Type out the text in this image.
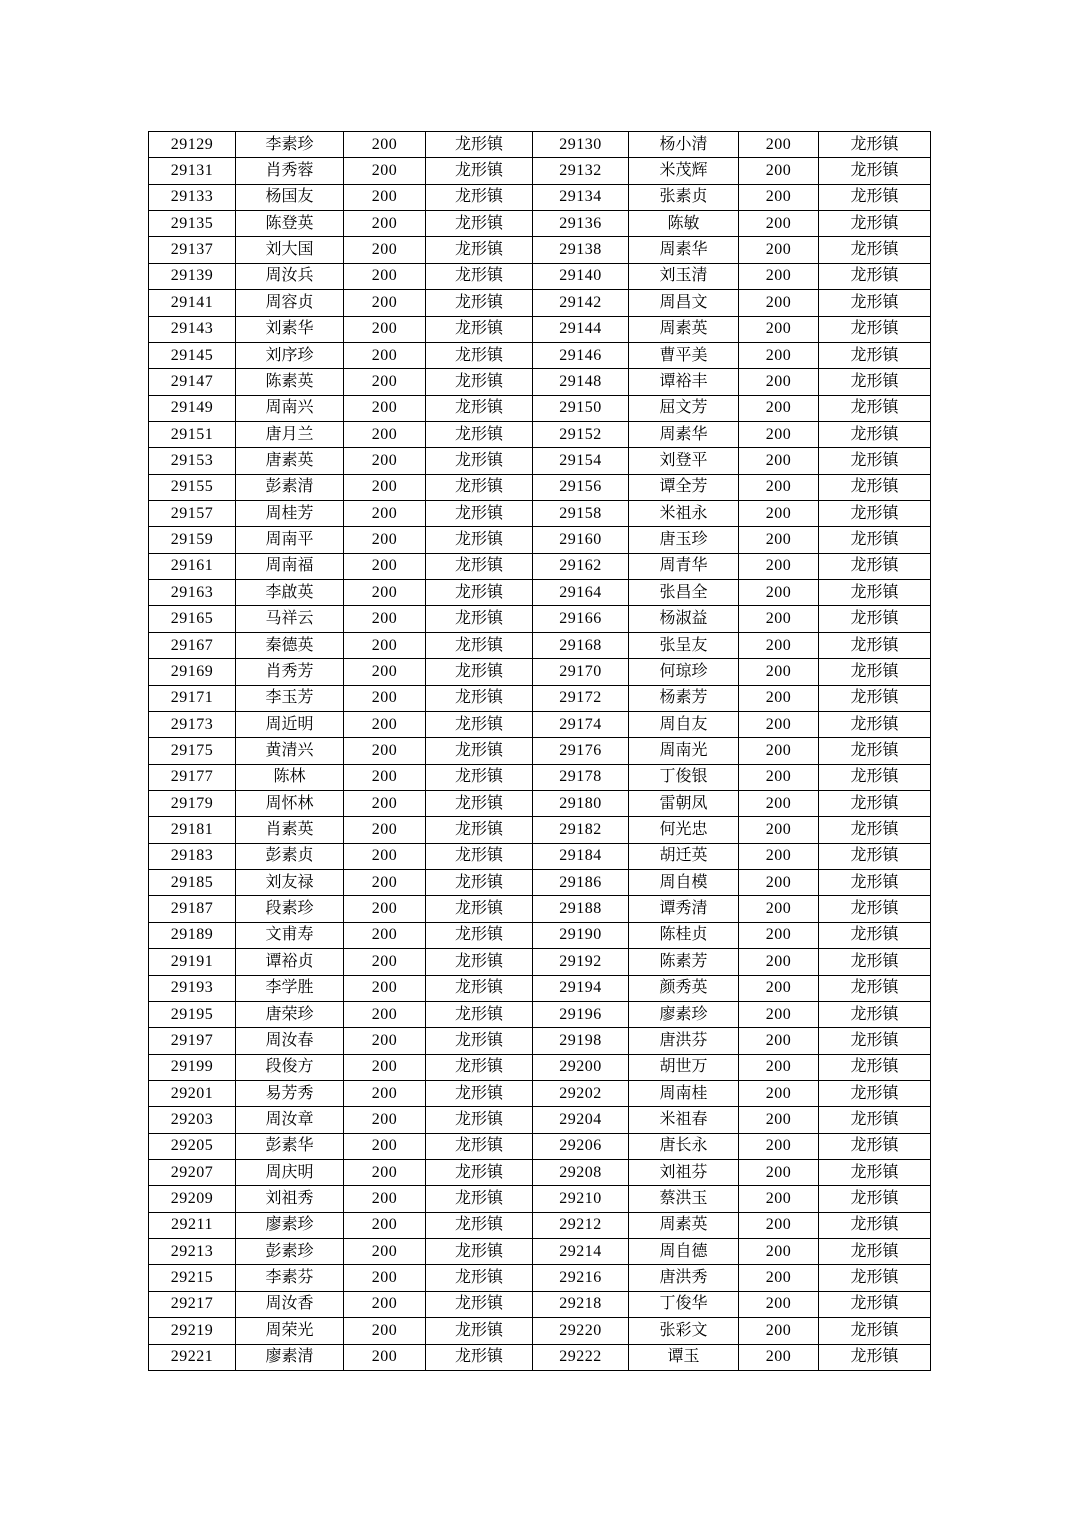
29129	李素珍	200	龙形镇	29130	杨小清	200	龙形镇
29131	肖秀蓉	200	龙形镇	29132	米茂辉	200	龙形镇
29133	杨国友	200	龙形镇	29134	张素贞	200	龙形镇
29135	陈登英	200	龙形镇	29136	陈敏	200	龙形镇
29137	刘大国	200	龙形镇	29138	周素华	200	龙形镇
29139	周汝兵	200	龙形镇	29140	刘玉清	200	龙形镇
29141	周容贞	200	龙形镇	29142	周昌文	200	龙形镇
29143	刘素华	200	龙形镇	29144	周素英	200	龙形镇
29145	刘序珍	200	龙形镇	29146	曹平美	200	龙形镇
29147	陈素英	200	龙形镇	29148	谭裕丰	200	龙形镇
29149	周南兴	200	龙形镇	29150	屈文芳	200	龙形镇
29151	唐月兰	200	龙形镇	29152	周素华	200	龙形镇
29153	唐素英	200	龙形镇	29154	刘登平	200	龙形镇
29155	彭素清	200	龙形镇	29156	谭全芳	200	龙形镇
29157	周桂芳	200	龙形镇	29158	米祖永	200	龙形镇
29159	周南平	200	龙形镇	29160	唐玉珍	200	龙形镇
29161	周南福	200	龙形镇	29162	周青华	200	龙形镇
29163	李啟英	200	龙形镇	29164	张昌全	200	龙形镇
29165	马祥云	200	龙形镇	29166	杨淑益	200	龙形镇
29167	秦德英	200	龙形镇	29168	张呈友	200	龙形镇
29169	肖秀芳	200	龙形镇	29170	何琼珍	200	龙形镇
29171	李玉芳	200	龙形镇	29172	杨素芳	200	龙形镇
29173	周近明	200	龙形镇	29174	周自友	200	龙形镇
29175	黄清兴	200	龙形镇	29176	周南光	200	龙形镇
29177	陈林	200	龙形镇	29178	丁俊银	200	龙形镇
29179	周怀林	200	龙形镇	29180	雷朝凤	200	龙形镇
29181	肖素英	200	龙形镇	29182	何光忠	200	龙形镇
29183	彭素贞	200	龙形镇	29184	胡迁英	200	龙形镇
29185	刘友禄	200	龙形镇	29186	周自模	200	龙形镇
29187	段素珍	200	龙形镇	29188	谭秀清	200	龙形镇
29189	文甫寿	200	龙形镇	29190	陈桂贞	200	龙形镇
29191	谭裕贞	200	龙形镇	29192	陈素芳	200	龙形镇
29193	李学胜	200	龙形镇	29194	颜秀英	200	龙形镇
29195	唐荣珍	200	龙形镇	29196	廖素珍	200	龙形镇
29197	周汝春	200	龙形镇	29198	唐洪芬	200	龙形镇
29199	段俊方	200	龙形镇	29200	胡世万	200	龙形镇
29201	易芳秀	200	龙形镇	29202	周南桂	200	龙形镇
29203	周汝章	200	龙形镇	29204	米祖春	200	龙形镇
29205	彭素华	200	龙形镇	29206	唐长永	200	龙形镇
29207	周庆明	200	龙形镇	29208	刘祖芬	200	龙形镇
29209	刘祖秀	200	龙形镇	29210	蔡洪玉	200	龙形镇
29211	廖素珍	200	龙形镇	29212	周素英	200	龙形镇
29213	彭素珍	200	龙形镇	29214	周自德	200	龙形镇
29215	李素芬	200	龙形镇	29216	唐洪秀	200	龙形镇
29217	周汝香	200	龙形镇	29218	丁俊华	200	龙形镇
29219	周荣光	200	龙形镇	29220	张彩文	200	龙形镇
29221	廖素清	200	龙形镇	29222	谭玉	200	龙形镇
